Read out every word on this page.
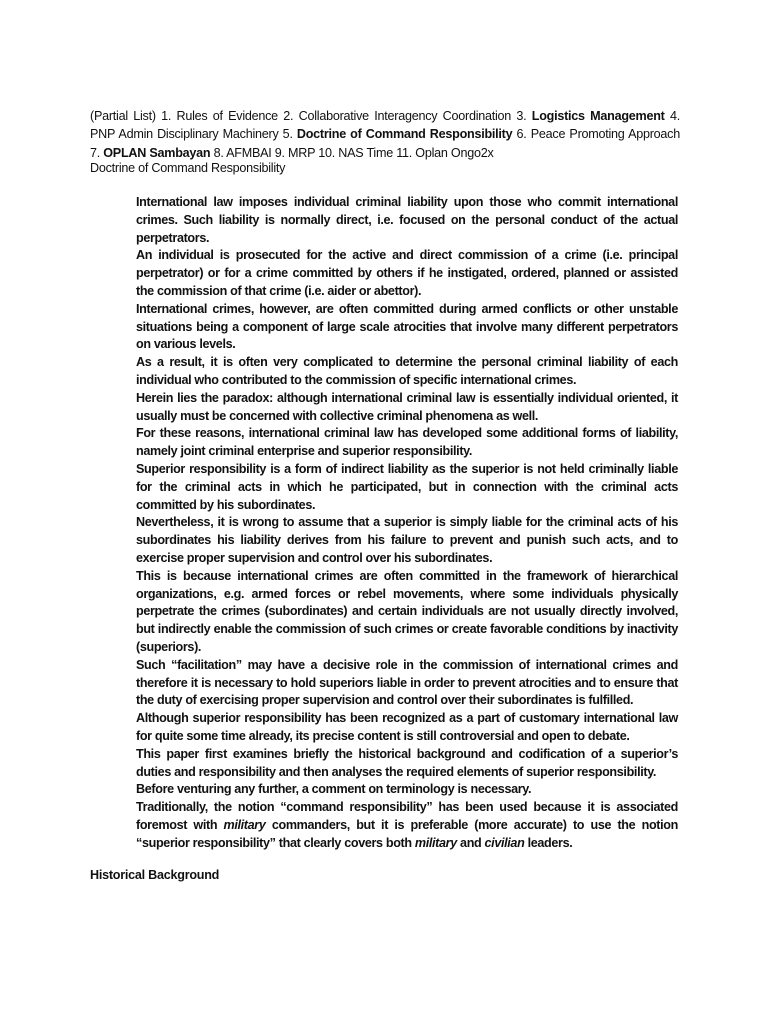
(Partial List) 1. Rules of Evidence 2. Collaborative Interagency Coordination 3. Logistics Management 4. PNP Admin Disciplinary Machinery 5. Doctrine of Command Responsibility 6. Peace Promoting Approach 7. OPLAN Sambayan 8. AFMBAI 9. MRP 10. NAS Time 11. Oplan Ongo2x

Doctrine of Command Responsibility
International law imposes individual criminal liability upon those who commit international crimes. Such liability is normally direct, i.e. focused on the personal conduct of the actual perpetrators.
An individual is prosecuted for the active and direct commission of a crime (i.e. principal perpetrator) or for a crime committed by others if he instigated, ordered, planned or assisted the commission of that crime (i.e. aider or abettor).
International crimes, however, are often committed during armed conflicts or other unstable situations being a component of large scale atrocities that involve many different perpetrators on various levels.
As a result, it is often very complicated to determine the personal criminal liability of each individual who contributed to the commission of specific international crimes.
Herein lies the paradox: although international criminal law is essentially individual oriented, it usually must be concerned with collective criminal phenomena as well.
For these reasons, international criminal law has developed some additional forms of liability, namely joint criminal enterprise and superior responsibility.
Superior responsibility is a form of indirect liability as the superior is not held criminally liable for the criminal acts in which he participated, but in connection with the criminal acts committed by his subordinates.
Nevertheless, it is wrong to assume that a superior is simply liable for the criminal acts of his subordinates his liability derives from his failure to prevent and punish such acts, and to exercise proper supervision and control over his subordinates.
This is because international crimes are often committed in the framework of hierarchical organizations, e.g. armed forces or rebel movements, where some individuals physically perpetrate the crimes (subordinates) and certain individuals are not usually directly involved, but indirectly enable the commission of such crimes or create favorable conditions by inactivity (superiors).
Such “facilitation” may have a decisive role in the commission of international crimes and therefore it is necessary to hold superiors liable in order to prevent atrocities and to ensure that the duty of exercising proper supervision and control over their subordinates is fulfilled.
Although superior responsibility has been recognized as a part of customary international law for quite some time already, its precise content is still controversial and open to debate.
This paper first examines briefly the historical background and codification of a superior’s duties and responsibility and then analyses the required elements of superior responsibility.
Before venturing any further, a comment on terminology is necessary.
Traditionally, the notion “command responsibility” has been used because it is associated foremost with military commanders, but it is preferable (more accurate) to use the notion “superior responsibility” that clearly covers both military and civilian leaders.
Historical Background
